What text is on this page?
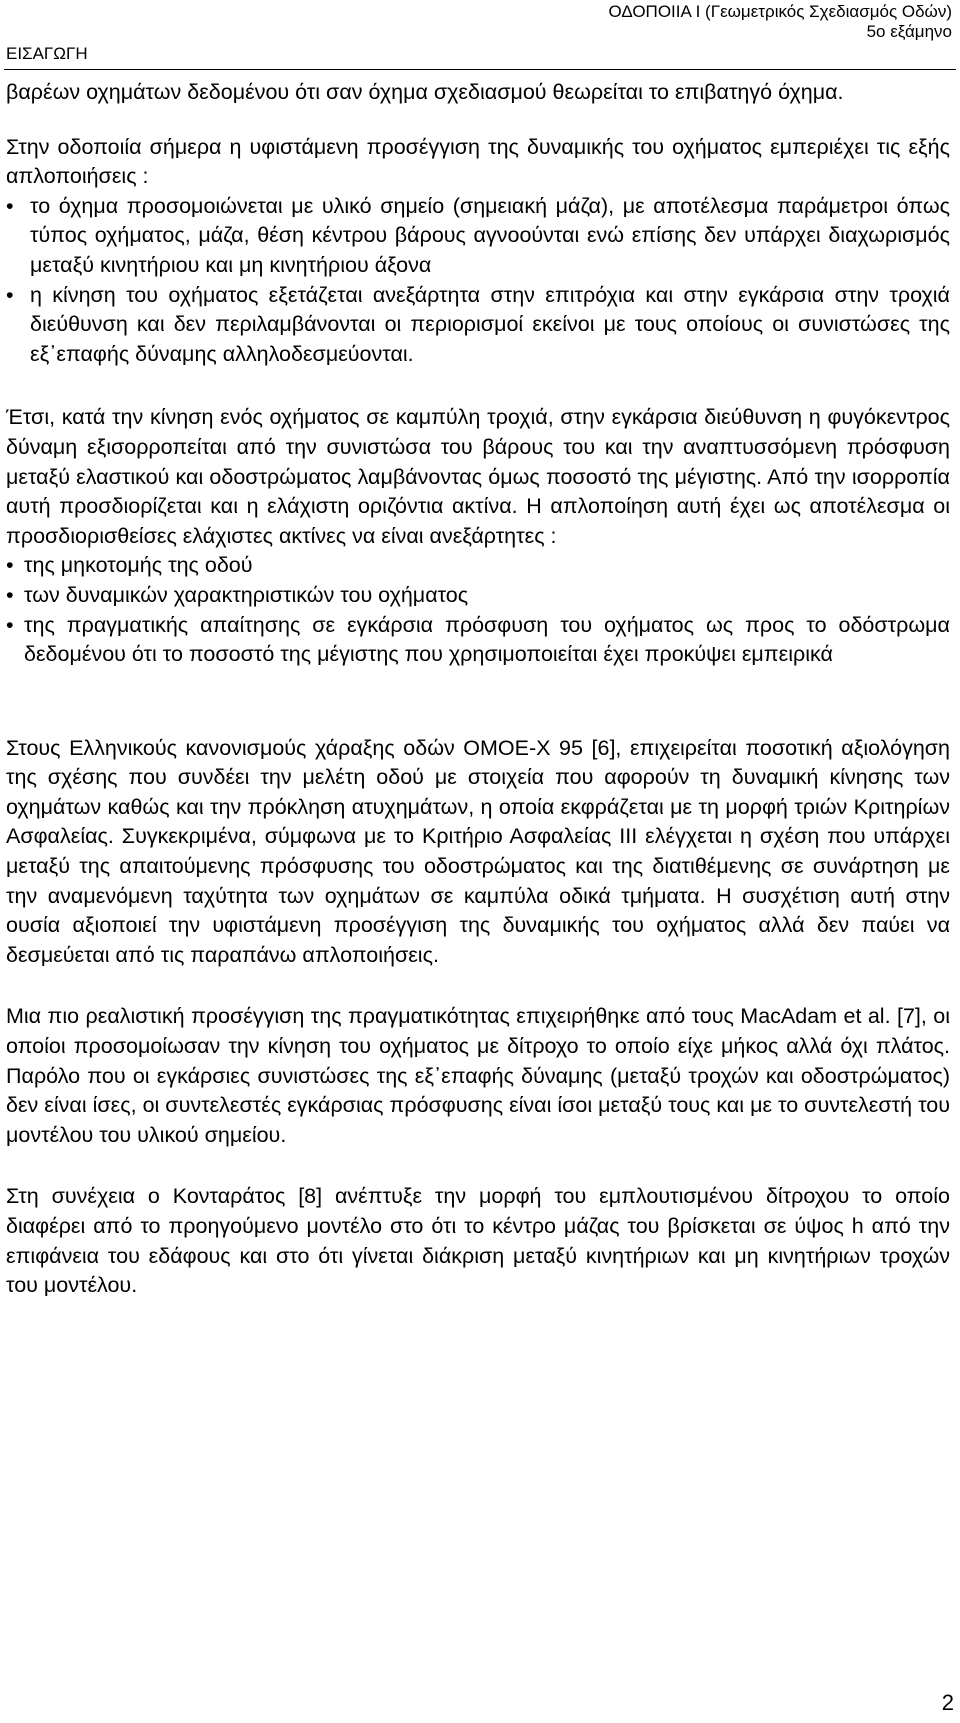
ΕΙΣΑΓΩΓΗ
ΟΔΟΠΟΙΙΑ Ι (Γεωμετρικός Σχεδιασμός Οδών)
5ο εξάμηνο

βαρέων οχημάτων δεδομένου ότι σαν όχημα σχεδιασμού θεωρείται το επιβατηγό όχημα.

Στην οδοποιία σήμερα η υφιστάμενη προσέγγιση της δυναμικής του οχήματος εμπεριέχει τις εξής απλοποιήσεις :

• το όχημα προσομοιώνεται με υλικό σημείο (σημειακή μάζα), με αποτέλεσμα παράμετροι όπως τύπος οχήματος, μάζα, θέση κέντρου βάρους αγνοούνται ενώ επίσης δεν υπάρχει διαχωρισμός μεταξύ κινητήριου και μη κινητήριου άξονα
• η κίνηση του οχήματος εξετάζεται ανεξάρτητα στην επιτρόχια και στην εγκάρσια στην τροχιά διεύθυνση και δεν περιλαμβάνονται οι περιορισμοί εκείνοι με τους οποίους οι συνιστώσες της εξ᾽επαφής δύναμης αλληλοδεσμεύονται.

Έτσι, κατά την κίνηση ενός οχήματος σε καμπύλη τροχιά, στην εγκάρσια διεύθυνση η φυγόκεντρος δύναμη εξισορροπείται από την συνιστώσα του βάρους του και την αναπτυσσόμενη πρόσφυση μεταξύ ελαστικού και οδοστρώματος λαμβάνοντας όμως ποσοστό της μέγιστης. Από την ισορροπία αυτή προσδιορίζεται και η ελάχιστη οριζόντια ακτίνα. Η απλοποίηση αυτή έχει ως αποτέλεσμα οι προσδιορισθείσες ελάχιστες ακτίνες να είναι ανεξάρτητες :

• της μηκοτομής της οδού
• των δυναμικών χαρακτηριστικών του οχήματος
• της πραγματικής απαίτησης σε εγκάρσια πρόσφυση του οχήματος ως προς το οδόστρωμα δεδομένου ότι το ποσοστό της μέγιστης που χρησιμοποιείται έχει προκύψει εμπειρικά

Στους Ελληνικούς κανονισμούς χάραξης οδών ΟΜΟΕ-Χ 95 [6], επιχειρείται ποσοτική αξιολόγηση της σχέσης που συνδέει την μελέτη οδού με στοιχεία που αφορούν τη δυναμική κίνησης των οχημάτων καθώς και την πρόκληση ατυχημάτων, η οποία εκφράζεται με τη μορφή τριών Κριτηρίων Ασφαλείας. Συγκεκριμένα, σύμφωνα με το Κριτήριο Ασφαλείας ΙΙΙ ελέγχεται η σχέση που υπάρχει μεταξύ της απαιτούμενης πρόσφυσης του οδοστρώματος και της διατιθέμενης σε συνάρτηση με την αναμενόμενη ταχύτητα των οχημάτων σε καμπύλα οδικά τμήματα. Η συσχέτιση αυτή στην ουσία αξιοποιεί την υφιστάμενη προσέγγιση της δυναμικής του οχήματος αλλά δεν παύει να δεσμεύεται από τις παραπάνω απλοποιήσεις.

Μια πιο ρεαλιστική προσέγγιση της πραγματικότητας επιχειρήθηκε από τους MacAdam et al. [7], οι οποίοι προσομοίωσαν την κίνηση του οχήματος με δίτροχο το οποίο είχε μήκος αλλά όχι πλάτος. Παρόλο που οι εγκάρσιες συνιστώσες της εξ᾽επαφής δύναμης (μεταξύ τροχών και οδοστρώματος) δεν είναι ίσες, οι συντελεστές εγκάρσιας πρόσφυσης είναι ίσοι μεταξύ τους και με το συντελεστή του μοντέλου του υλικού σημείου.

Στη συνέχεια ο Κονταράτος [8] ανέπτυξε την μορφή του εμπλουτισμένου δίτροχου το οποίο διαφέρει από το προηγούμενο μοντέλο στο ότι το κέντρο μάζας του βρίσκεται σε ύψος h από την επιφάνεια του εδάφους και στο ότι γίνεται διάκριση μεταξύ κινητήριων και μη κινητήριων τροχών του μοντέλου.

2
